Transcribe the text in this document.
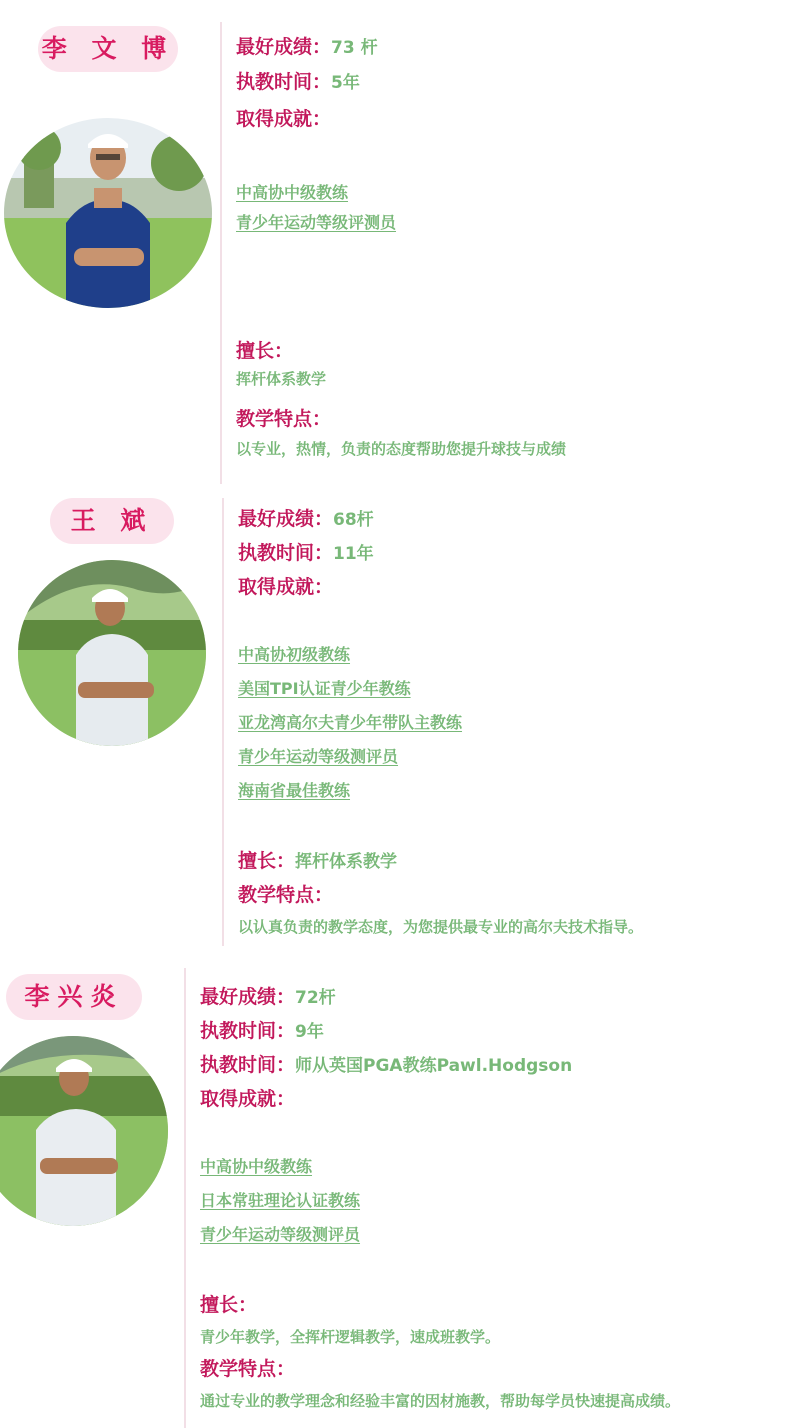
李 文 博	最好成绩：73 杆
执教时间：5年
取得成就：
中高协中级教练
青少年运动等级评测员
擅长：
挥杆体系教学
教学特点：
以专业，热情，负责的态度帮助您提升球技与成绩
王 斌	最好成绩：68杆
执教时间：11年
取得成就：
中高协初级教练
美国TPI认证青少年教练
亚龙湾高尔夫青少年带队主教练
青少年运动等级测评员
海南省最佳教练
擅长：挥杆体系教学
教学特点：
以认真负责的教学态度，为您提供最专业的高尔夫技术指导。
李兴炎	最好成绩：72杆
执教时间：9年
执教时间：师从英国PGA教练Pawl.Hodgson
取得成就：
中高协中级教练
日本常驻理论认证教练
青少年运动等级测评员
擅长：
青少年教学，全挥杆逻辑教学，速成班教学。
教学特点：
通过专业的教学理念和经验丰富的因材施教，帮助每学员快速提高成绩。
